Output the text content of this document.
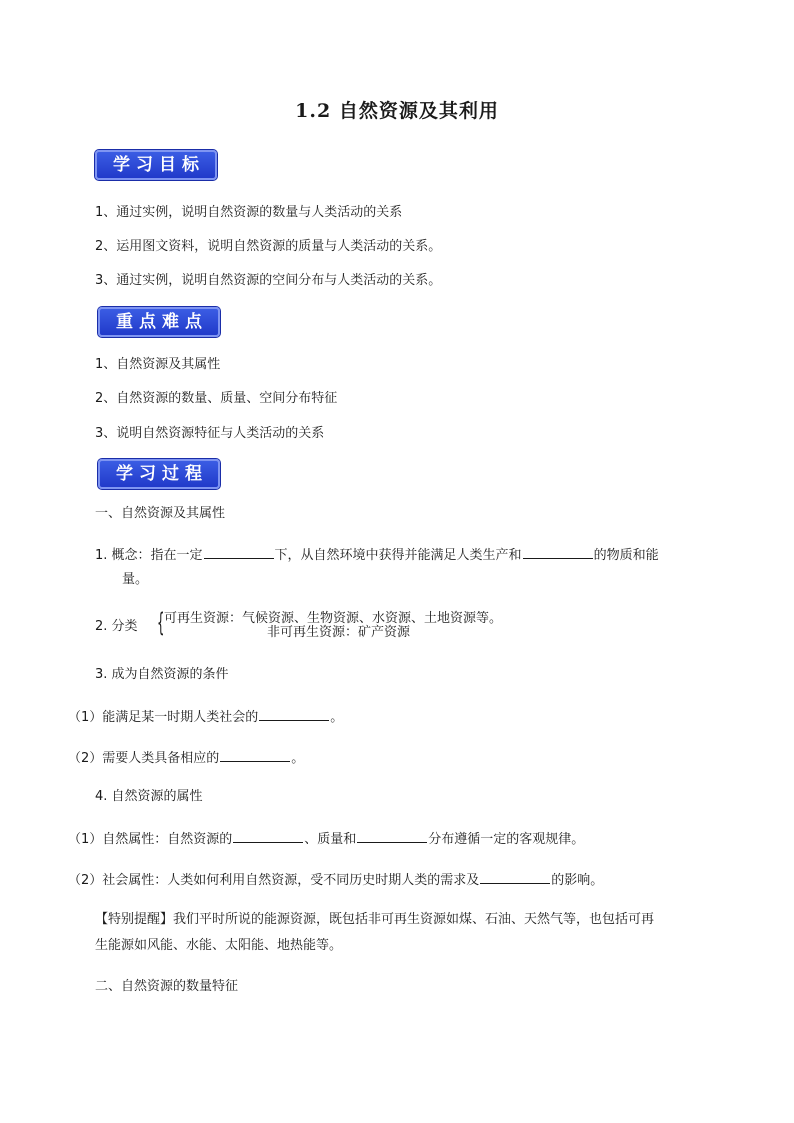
1.2 自然资源及其利用
学习目标
1、通过实例，说明自然资源的数量与人类活动的关系
2、运用图文资料，说明自然资源的质量与人类活动的关系。
3、通过实例，说明自然资源的空间分布与人类活动的关系。
重点难点
1、自然资源及其属性
2、自然资源的数量、质量、空间分布特征
3、说明自然资源特征与人类活动的关系
学习过程
一、自然资源及其属性
1. 概念：指在一定	下，从自然环境中获得并能满足人类生产和	的物质和能
量。
2. 分类 { 可再生资源：气候资源、生物资源、水资源、土地资源等。
非可再生资源：矿产资源
3. 成为自然资源的条件
（1）能满足某一时期人类社会的	。
（2）需要人类具备相应的	。
4. 自然资源的属性
（1）自然属性：自然资源的	、质量和	分布遵循一定的客观规律。
（2）社会属性：人类如何利用自然资源，受不同历史时期人类的需求及	的影响。
【特别提醒】我们平时所说的能源资源，既包括非可再生资源如煤、石油、天然气等，也包括可再
生能源如风能、水能、太阳能、地热能等。
二、自然资源的数量特征
